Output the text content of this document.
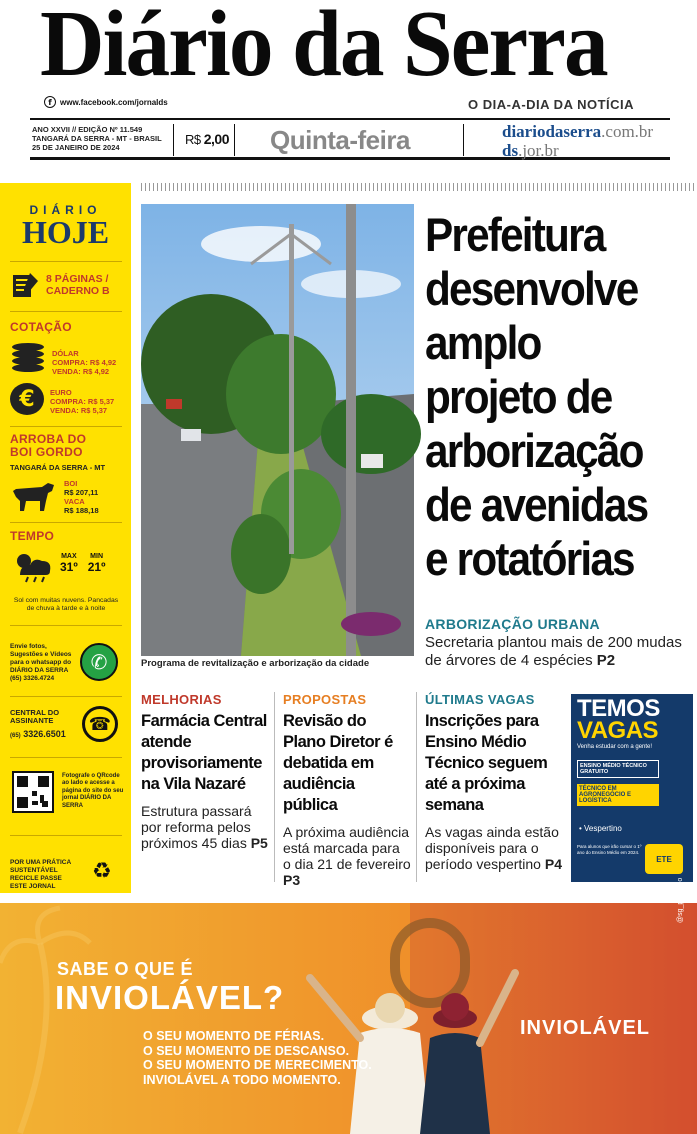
Diário da Serra
f	www.facebook.com/jornalds	O DIA-A-DIA DA NOTÍCIA
ANO XXVII // EDIÇÃO Nº 11.549
TANGARÁ DA SERRA - MT - BRASIL
25 DE JANEIRO DE 2024
R$ 2,00 Quinta-feira	diariodaserra.com.br
ds.jor.br
DIÁRIO
HOJE
8 PÁGINAS /
CADERNO B
COTAÇÃO
DÓLAR
COMPRA: R$ 4,92
VENDA: R$ 4,92
€	EURO
COMPRA: R$ 5,37
VENDA: R$ 5,37
ARROBA DO
BOI GORDO
TANGARÁ DA SERRA - MT
BOI
R$ 207,11
VACA
R$ 188,18
TEMPO
MAX
31º
MIN
21º
Sol com muitas nuvens. Pancadas de chuva à tarde e à noite
Envie fotos, Sugestões e Vídeos para o whatsapp do DIÁRIO DA SERRA (65) 3326.4724
✆
CENTRAL DO ASSINANTE
(65) 3326.6501	☎
Fotografe o QRcode ao lado e acesse a página do site do seu jornal DIÁRIO DA SERRA
POR UMA PRÁTICA SUSTENTÁVEL RECICLE PASSE ESTE JORNAL
♻
Programa de revitalização e arborização da cidade
Prefeitura desenvolve amplo projeto de arborização de avenidas e rotatórias
ARBORIZAÇÃO URBANA
Secretaria plantou mais de 200 mudas de árvores de 4 espécies P2
MELHORIAS
Farmácia Central atende provisoriamente na Vila Nazaré
Estrutura passará por reforma pelos próximos 45 dias P5
PROPOSTAS
Revisão do Plano Diretor é debatida em audiência pública
A próxima audiência está marcada para o dia 21 de fevereiro P3
ÚLTIMAS VAGAS
Inscrições para Ensino Médio Técnico seguem até a próxima semana
As vagas ainda estão disponíveis para o período vespertino P4
TEMOS
VAGAS
Venha estudar com a gente!
ENSINO MÉDIO TÉCNICO GRATUITO
TÉCNICO EM AGRONEGÓCIO E LOGÍSTICA
• Vespertino
Para alunos que irão cursar o 1º ano do Ensino Médio em 2024.
ETE
SABE O QUE É
INVIOLÁVEL?
O SEU MOMENTO DE FÉRIAS.
O SEU MOMENTO DE DESCANSO.
O SEU MOMENTO DE MERECIMENTO.
INVIOLÁVEL A TODO MOMENTO.
INVIOLÁVEL
@sg_pmatsuo
